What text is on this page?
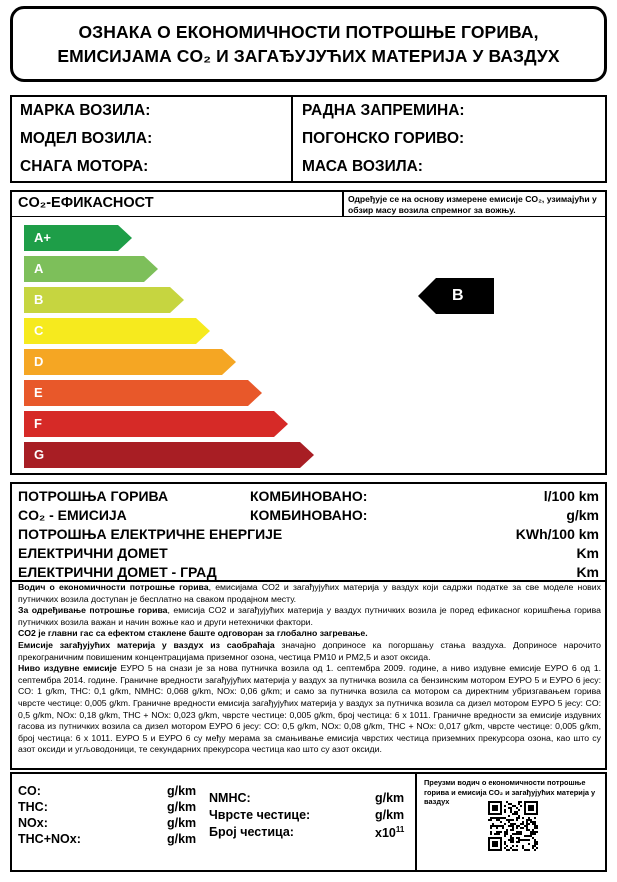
ОЗНАКА О ЕКОНОМИЧНОСТИ ПОТРОШЊЕ ГОРИВА,
ЕМИСИЈАМА CO₂ И ЗАГАЂУЈУЋИХ МАТЕРИЈА У ВАЗДУХ
МАРКА ВОЗИЛА:
МОДЕЛ ВОЗИЛА:
СНАГА МОТОРА:
РАДНА ЗАПРЕМИНА:
ПОГОНСКО ГОРИВО:
МАСА ВОЗИЛА:
CO₂-ЕФИКАСНОСТ	Одређује се на основу измерене емисије CO₂, узимајући у обзир масу возила спремног за вожњу.
A+
A
B
C
D
E
F
G
B
ПОТРОШЊА ГОРИВА	КОМБИНОВАНО:	l/100 km
CO₂ - ЕМИСИЈА	КОМБИНОВАНО:	g/km
ПОТРОШЊА ЕЛЕКТРИЧНЕ ЕНЕРГИЈЕ	KWh/100 km
ЕЛЕКТРИЧНИ ДОМЕТ	Km
ЕЛЕКТРИЧНИ ДОМЕТ - ГРАД	Km

Водич о економичности потрошње горива, емисијама CO2 и загађујућих материја у ваздух који садржи податке за све моделе нових путничких возила доступан је бесплатно на сваком продајном месту.

За одређивање потрошње горива, емисија CO2 и загађујућих материја у ваздух путничких возила је поред ефикасног коришћења горива путничких возила важан и начин вожње као и други нетехнички фактори.

CO2 је главни гас са ефектом стаклене баште одговоран за глобално загревање.

Емисије загађујућих материја у ваздух из саобраћаја значајно доприносе ка погоршању стања ваздуха. Доприносе нарочито прекограничним повишеним концентрацијама приземног озона, честица PM10 и PM2,5 и азот оксида.

Ниво издувне емисије ЕУРО 5 на снази је за нова путничка возила од 1. септембра 2009. године, а ниво издувне емисије ЕУРО 6 од 1. септембра 2014. године. Граничне вредности загађујућих материја у ваздух за путничка возила са бензинским мотором ЕУРО 5 и ЕУРО 6 јесу: CO: 1 g/km, THC: 0,1 g/km, NMHC: 0,068 g/km, NOx: 0,06 g/km; и само за путничка возила са мотором са директним убризгавањем горива чврсте честице: 0,005 g/km. Граничне вредности емисија загађујућих материја у ваздух за путничка возила са дизел мотором ЕУРО 5 јесу: CO: 0,5 g/km, NOx: 0,18 g/km, THC + NOx: 0,023 g/km, чврсте честице: 0,005 g/km, број честица: 6 x 1011. Граничне вредности за емисије издувних гасова из путничких возила са дизел мотором ЕУРО 6 јесу: CO: 0,5 g/km, NOx: 0,08 g/km, THC + NOx: 0,017 g/km, чврсте честице: 0,005 g/km, број честица: 6 x 1011. ЕУРО 5 и ЕУРО 6 су међу мерама за смањивање емисија чврстих честица приземних прекурсора озона, као што су азот оксиди и угљоводоници, те секундарних прекурсора честица као што су азот оксиди.

CO:	g/km
THC:	g/km
NOx:	g/km
THC+NOx:	g/km
NMHC:	g/km
Чврсте честице:	g/km
Број честица:	$x10^{11}$
Преузми водич о економичности потрошње горива и емисија CO₂ и загађујућих материја у ваздух
